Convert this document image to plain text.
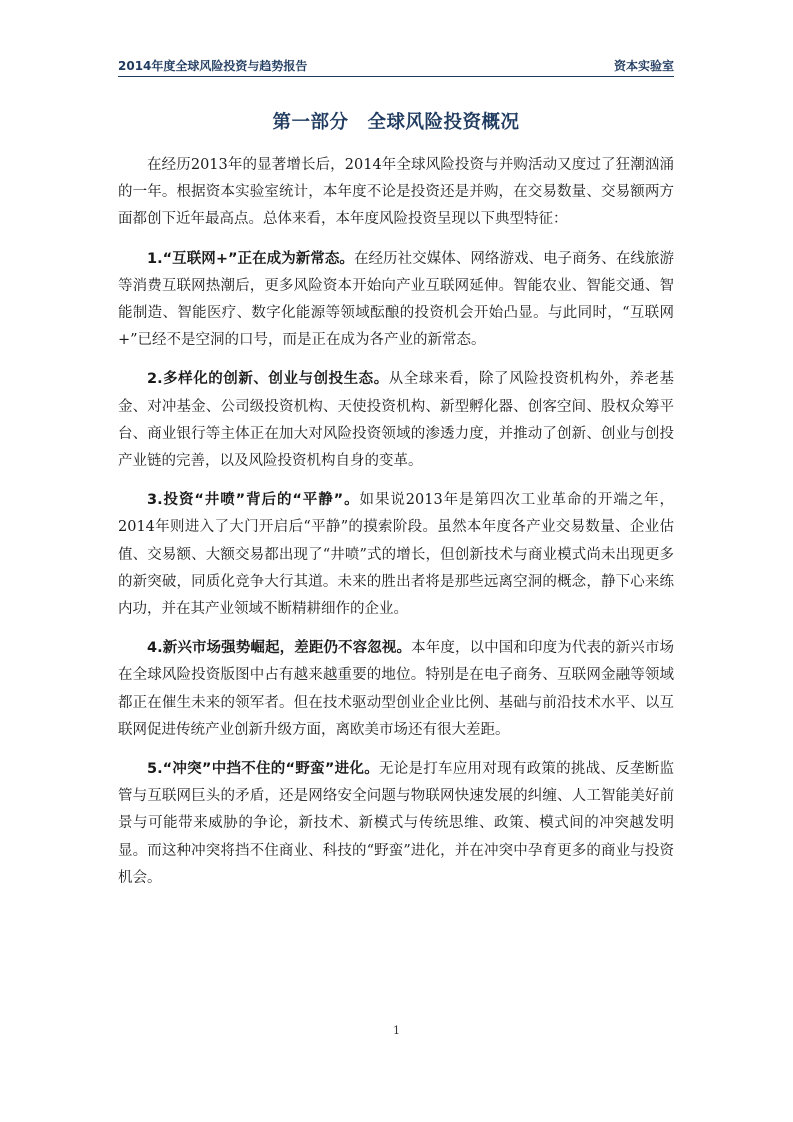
2014年度全球风险投资与趋势报告	资本实验室
第一部分　全球风险投资概况

在经历2013年的显著增长后，2014年全球风险投资与并购活动又度过了狂潮汹涌的一年。根据资本实验室统计，本年度不论是投资还是并购，在交易数量、交易额两方面都创下近年最高点。总体来看，本年度风险投资呈现以下典型特征：

1.“互联网+”正在成为新常态。在经历社交媒体、网络游戏、电子商务、在线旅游等消费互联网热潮后，更多风险资本开始向产业互联网延伸。智能农业、智能交通、智能制造、智能医疗、数字化能源等领域酝酿的投资机会开始凸显。与此同时，“互联网+”已经不是空洞的口号，而是正在成为各产业的新常态。

2.多样化的创新、创业与创投生态。从全球来看，除了风险投资机构外，养老基金、对冲基金、公司级投资机构、天使投资机构、新型孵化器、创客空间、股权众筹平台、商业银行等主体正在加大对风险投资领域的渗透力度，并推动了创新、创业与创投产业链的完善，以及风险投资机构自身的变革。

3.投资“井喷”背后的“平静”。如果说2013年是第四次工业革命的开端之年，2014年则进入了大门开启后“平静”的摸索阶段。虽然本年度各产业交易数量、企业估值、交易额、大额交易都出现了“井喷”式的增长，但创新技术与商业模式尚未出现更多的新突破，同质化竞争大行其道。未来的胜出者将是那些远离空洞的概念，静下心来练内功，并在其产业领域不断精耕细作的企业。

4.新兴市场强势崛起，差距仍不容忽视。本年度，以中国和印度为代表的新兴市场在全球风险投资版图中占有越来越重要的地位。特别是在电子商务、互联网金融等领域都正在催生未来的领军者。但在技术驱动型创业企业比例、基础与前沿技术水平、以互联网促进传统产业创新升级方面，离欧美市场还有很大差距。

5.“冲突”中挡不住的“野蛮”进化。无论是打车应用对现有政策的挑战、反垄断监管与互联网巨头的矛盾，还是网络安全问题与物联网快速发展的纠缠、人工智能美好前景与可能带来威胁的争论，新技术、新模式与传统思维、政策、模式间的冲突越发明显。而这种冲突将挡不住商业、科技的“野蛮”进化，并在冲突中孕育更多的商业与投资机会。

1
